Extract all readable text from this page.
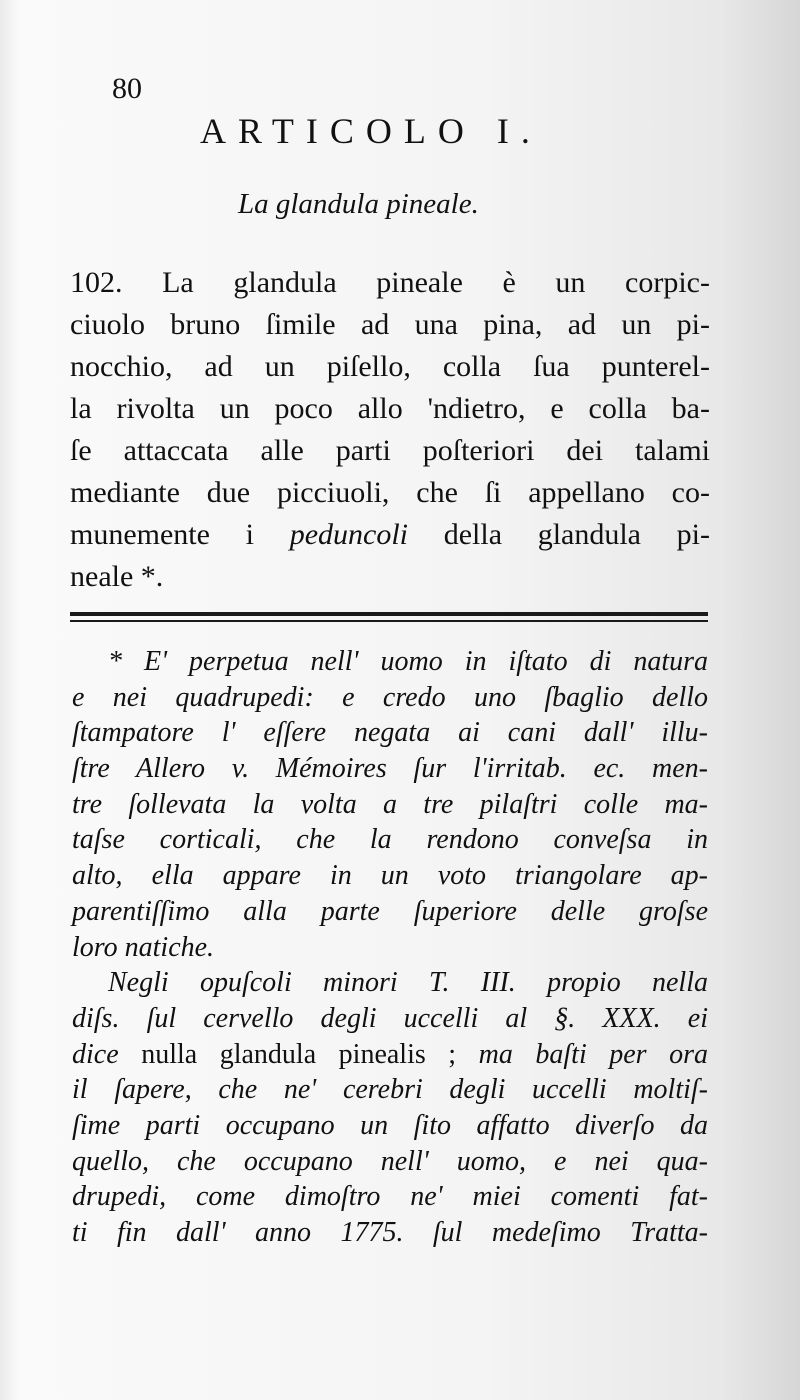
80
ARTICOLO I.
La glandula pineale.
102. La glandula pineale è un corpic-
ciuolo bruno ſimile ad una pina, ad un pi-
nocchio, ad un piſello, colla ſua punterel-
la rivolta un poco allo 'ndietro, e colla ba-
ſe attaccata alle parti poſteriori dei talami
mediante due picciuoli, che ſi appellano co-
munemente i peduncoli della glandula pi-
neale *.
* E' perpetua nell' uomo in iſtato di natura
e nei quadrupedi: e credo uno ſbaglio dello
ſtampatore l' eſſere negata ai cani dall' illu-
ſtre Allero v. Mémoires ſur l'irritab. ec. men-
tre ſollevata la volta a tre pilaſtri colle ma-
taſse corticali, che la rendono conveſsa in
alto, ella appare in un voto triangolare ap-
parentiſſimo alla parte ſuperiore delle groſse
loro natiche.
Negli opuſcoli minori T. III. propio nella
diſs. ſul cervello degli uccelli al §. XXX. ei
dice nulla glandula pinealis ; ma baſti per ora
il ſapere, che ne' cerebri degli uccelli moltiſ-
ſime parti occupano un ſito affatto diverſo da
quello, che occupano nell' uomo, e nei qua-
drupedi, come dimoſtro ne' miei comenti fat-
ti fin dall' anno 1775. ſul medeſimo Tratta-
